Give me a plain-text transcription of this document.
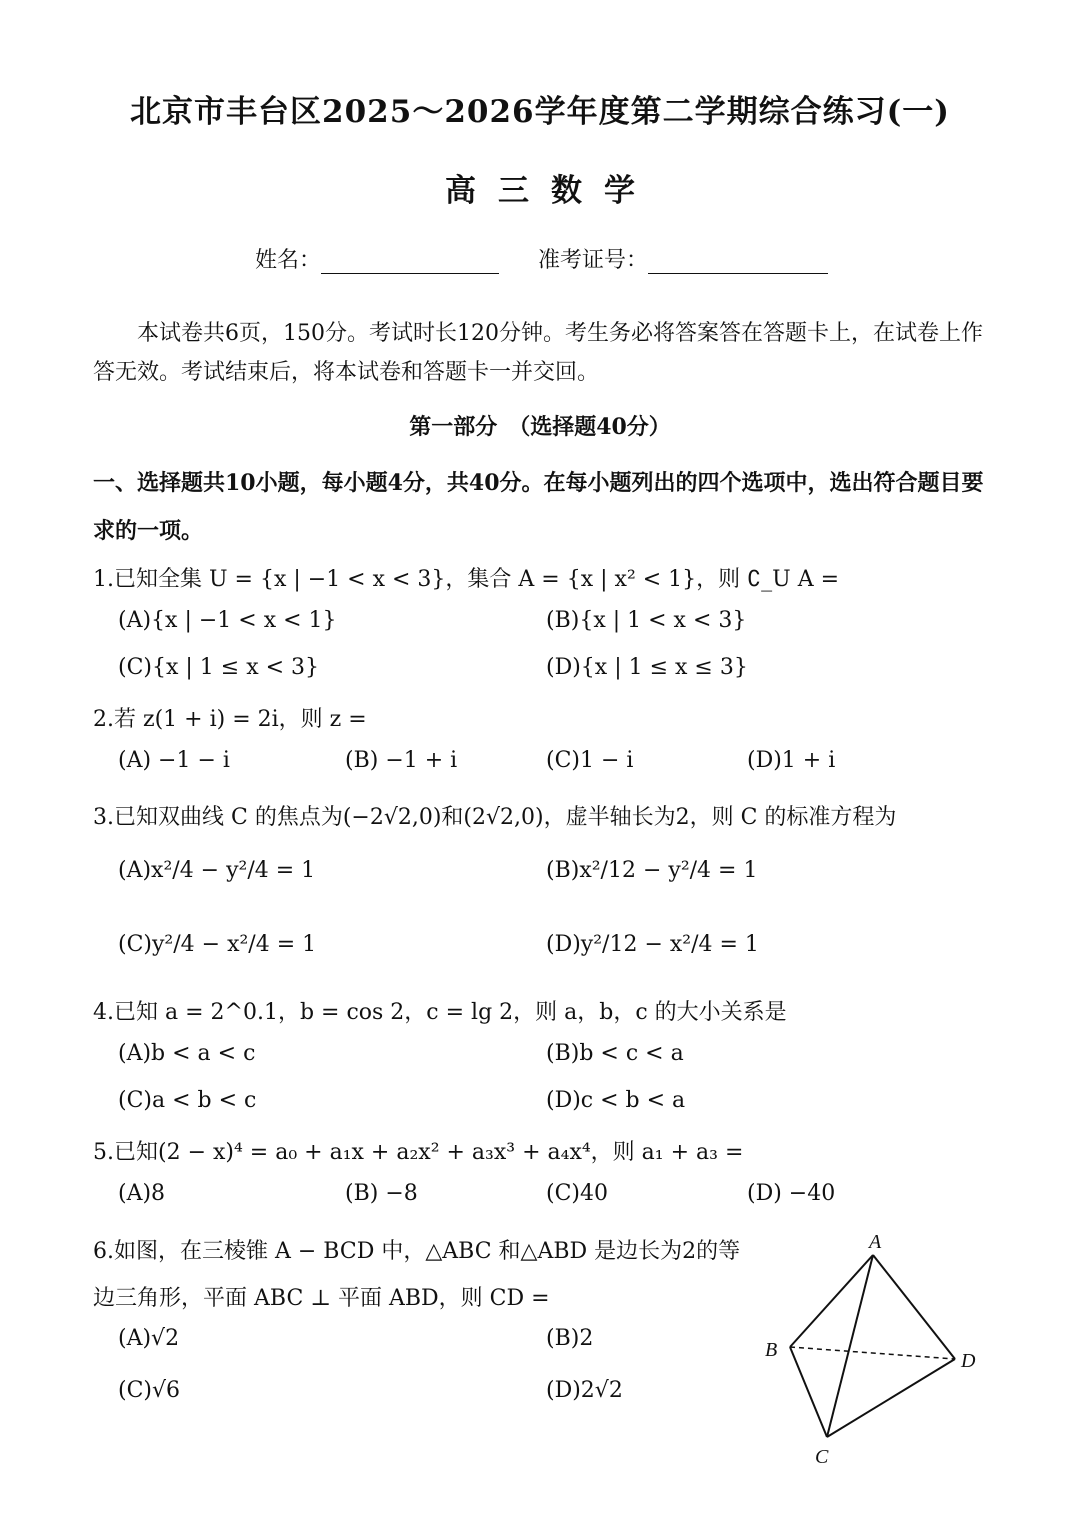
北京市丰台区2025～2026学年度第二学期综合练习(一)
高三数学
姓名：	准考证号：
本试卷共6页，150分。考试时长120分钟。考生务必将答案答在答题卡上，在试卷上作答无效。考试结束后，将本试卷和答题卡一并交回。
第一部分　（选择题40分）
一、选择题共10小题，每小题4分，共40分。在每小题列出的四个选项中，选出符合题目要求的一项。
1.已知全集 U = {x | −1 < x < 3}，集合 A = {x | x² < 1}，则 ∁_U A =
(A){x | −1 < x < 1}	(B){x | 1 < x < 3}
(C){x | 1 ≤ x < 3}	(D){x | 1 ≤ x ≤ 3}
2.若 z(1 + i) = 2i，则 z =
(A) −1 − i	(B) −1 + i	(C)1 − i	(D)1 + i
3.已知双曲线 C 的焦点为(−2√2,0)和(2√2,0)，虚半轴长为2，则 C 的标准方程为
(A)x²/4 − y²/4 = 1	(B)x²/12 − y²/4 = 1
(C)y²/4 − x²/4 = 1	(D)y²/12 − x²/4 = 1
4.已知 a = 2^0.1，b = cos 2，c = lg 2，则 a，b，c 的大小关系是
(A)b < a < c	(B)b < c < a
(C)a < b < c	(D)c < b < a
5.已知(2 − x)⁴ = a₀ + a₁x + a₂x² + a₃x³ + a₄x⁴，则 a₁ + a₃ =
(A)8	(B) −8	(C)40	(D) −40
6.如图，在三棱锥 A − BCD 中，△ABC 和△ABD 是边长为2的等边三角形，平面 ABC ⊥ 平面 ABD，则 CD =
(A)√2	(B)2
(C)√6	(D)2√2
A
B
C
D
